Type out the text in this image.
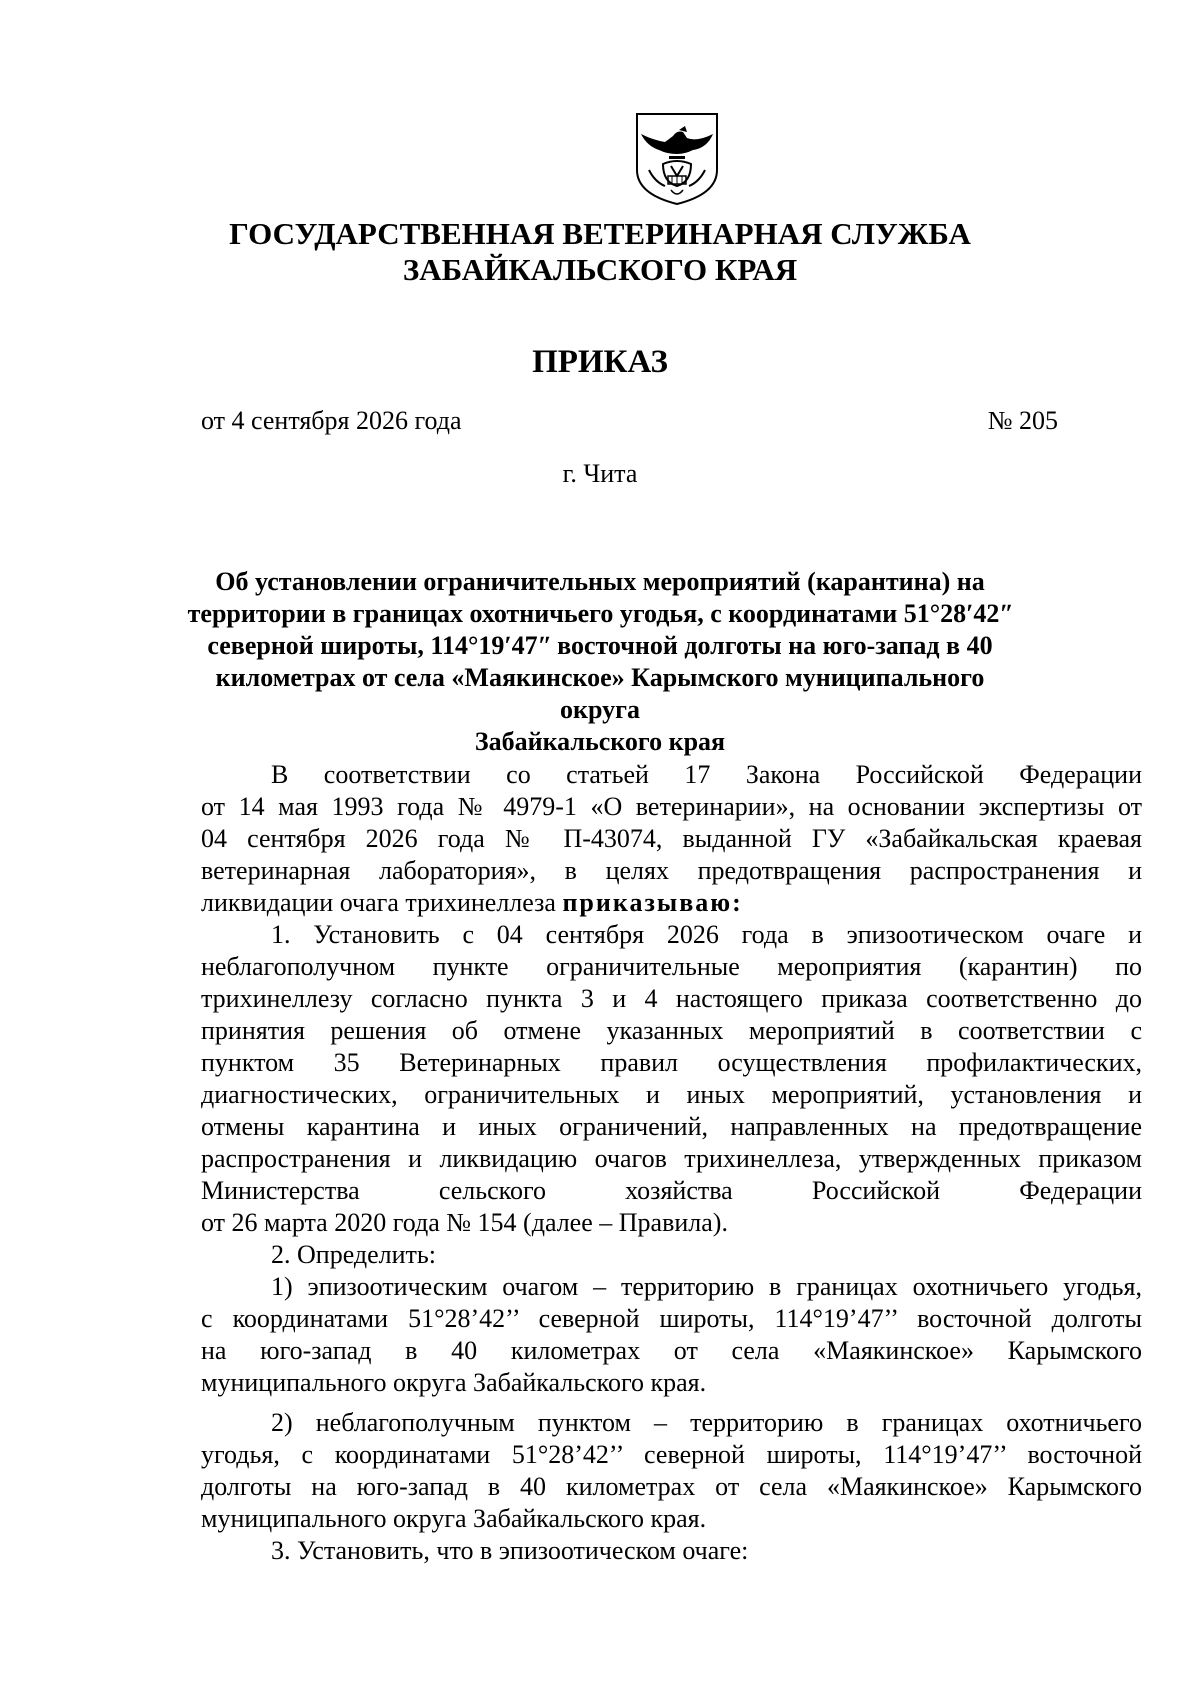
ГОСУДАРСТВЕННАЯ ВЕТЕРИНАРНАЯ СЛУЖБА
ЗАБАЙКАЛЬСКОГО КРАЯ
ПРИКАЗ
от 4 сентября 2026 года	№ 205
г. Чита
Об установлении ограничительных мероприятий (карантина) на
территории в границах охотничьего угодья, с координатами 51°28ʹ42ʺ
северной широты, 114°19ʹ47ʺ восточной долготы на юго-запад в 40
километрах от села «Маякинское» Карымского муниципального округа
Забайкальского края
В соответствии со статьей 17 Закона Российской Федерации
от 14 мая 1993 года № 4979-1 «О ветеринарии», на основании экспертизы от
04 сентября 2026 года № П-43074, выданной ГУ «Забайкальская краевая
ветеринарная лаборатория», в целях предотвращения распространения и
ликвидации очага трихинеллеза приказываю:
1. Установить с 04 сентября 2026 года в эпизоотическом очаге и
неблагополучном пункте ограничительные мероприятия (карантин) по
трихинеллезу согласно пункта 3 и 4 настоящего приказа соответственно до
принятия решения об отмене указанных мероприятий в соответствии с
пунктом 35 Ветеринарных правил осуществления профилактических,
диагностических, ограничительных и иных мероприятий, установления и
отмены карантина и иных ограничений, направленных на предотвращение
распространения и ликвидацию очагов трихинеллеза, утвержденных приказом
Министерства сельского хозяйства Российской Федерации
от 26 марта 2020 года № 154 (далее – Правила).
2. Определить:
1) эпизоотическим очагом – территорию в границах охотничьего угодья,
с координатами 51°28’42’’ северной широты, 114°19’47’’ восточной долготы
на юго-запад в 40 километрах от села «Маякинское» Карымского
муниципального округа Забайкальского края.
2) неблагополучным пунктом – территорию в границах охотничьего
угодья, с координатами 51°28’42’’ северной широты, 114°19’47’’ восточной
долготы на юго-запад в 40 километрах от села «Маякинское» Карымского
муниципального округа Забайкальского края.
3. Установить, что в эпизоотическом очаге:
